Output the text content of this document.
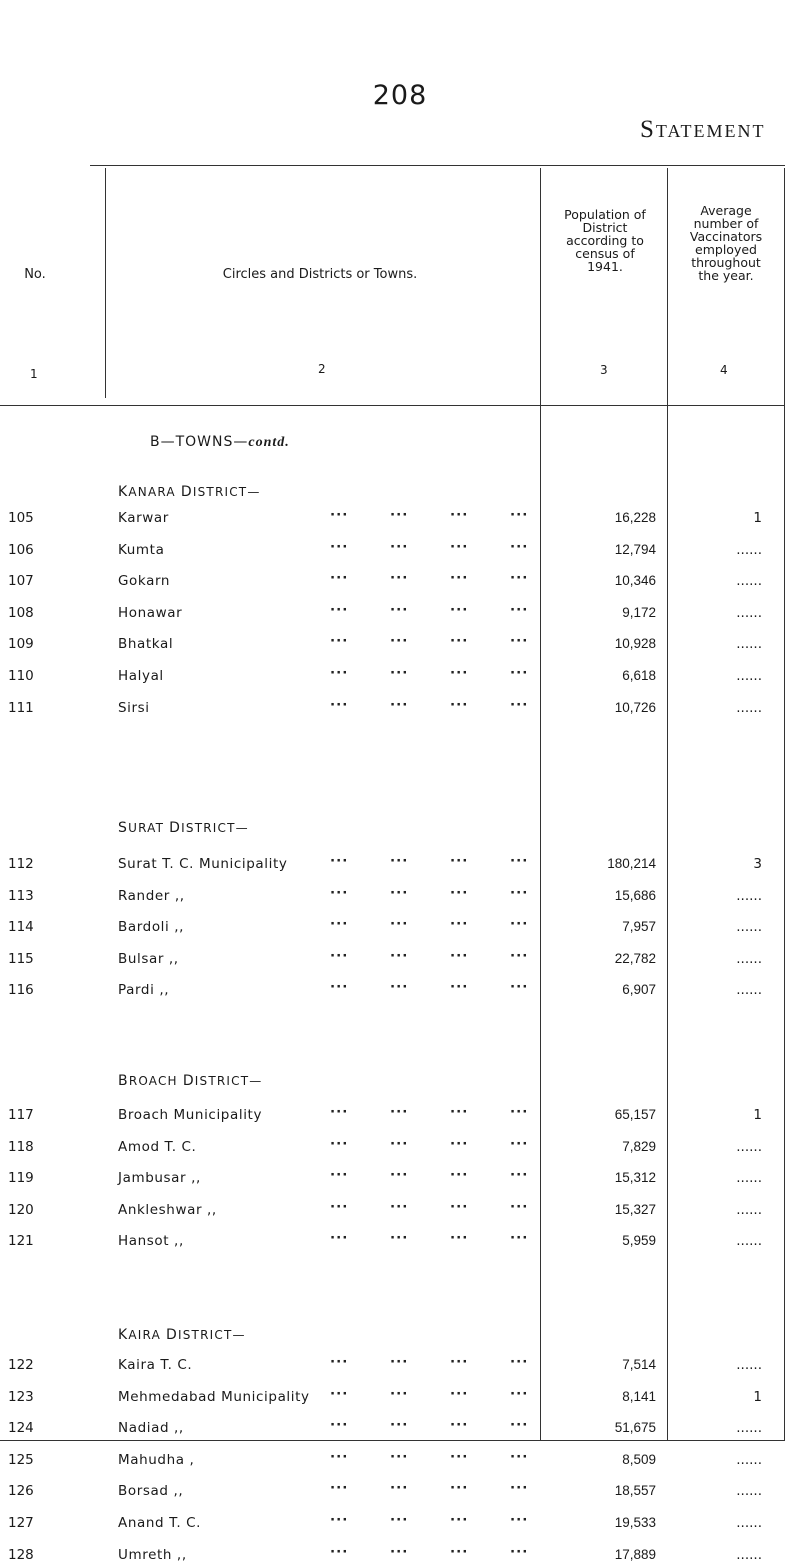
208
Statement
No.	Circles and Districts or Towns.
Population of
District
according to
census of
1941.
Average
number of
Vaccinators
employed
throughout
the year.
1	2	3	4
B—TOWNS—contd.
KANARA DISTRICT—
105	Karwar	···	···	···	···	16,228	1
106	Kumta	···	···	···	···	12,794	......
107	Gokarn	···	···	···	···	10,346	......
108	Honawar	···	···	···	···	9,172	......
109	Bhatkal	···	···	···	···	10,928	......
110	Halyal	···	···	···	···	6,618	......
111	Sirsi	···	···	···	···	10,726	......
SURAT DISTRICT—
112	Surat T. C. Municipality	···	···	···	···	180,214	3
113	Rander ,,	···	···	···	···	15,686	......
114	Bardoli ,,	···	···	···	···	7,957	......
115	Bulsar ,,	···	···	···	···	22,782	......
116	Pardi ,,	···	···	···	···	6,907	......
BROACH DISTRICT—
117	Broach Municipality	···	···	···	···	65,157	1
118	Amod T. C.	···	···	···	···	7,829	......
119	Jambusar ,,	···	···	···	···	15,312	......
120	Ankleshwar ,,	···	···	···	···	15,327	......
121	Hansot ,,	···	···	···	···	5,959	......
KAIRA DISTRICT—
122	Kaira T. C.	···	···	···	···	7,514	......
123	Mehmedabad Municipality ···	···	···	···	8,141	1
124	Nadiad ,,	···	···	···	···	51,675	......
125	Mahudha ,	···	···	···	···	8,509	......
126	Borsad ,,	···	···	···	···	18,557	......
127	Anand T. C.	···	···	···	···	19,533	......
128	Umreth ,,	···	···	···	···	17,889	......
